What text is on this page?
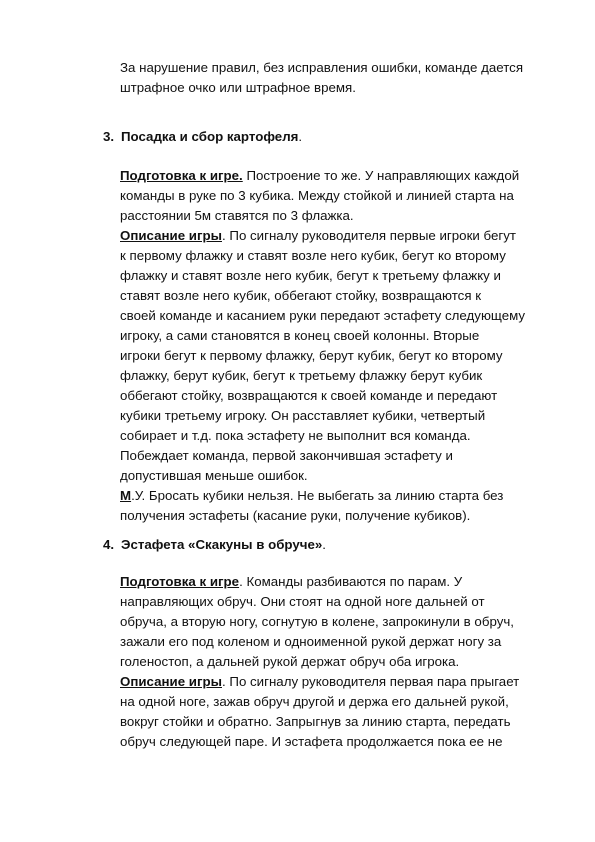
За нарушение правил, без исправления ошибки, команде дается
штрафное очко или штрафное время.
3. Посадка и сбор картофеля.
Подготовка к игре. Построение то же. У направляющих каждой
команды в руке по 3 кубика. Между стойкой и линией старта на
расстоянии 5м ставятся по 3 флажка.
Описание игры. По сигналу руководителя первые игроки бегут
к первому флажку и ставят возле него кубик, бегут ко второму
флажку и ставят возле него кубик, бегут к третьему флажку и
ставят возле него кубик, оббегают стойку, возвращаются к
своей команде и касанием руки передают эстафету следующему
игроку, а сами становятся в конец своей колонны. Вторые
игроки бегут к первому флажку, берут кубик, бегут ко второму
флажку, берут кубик, бегут к третьему флажку берут кубик
оббегают стойку, возвращаются к своей команде и передают
кубики третьему игроку. Он расставляет кубики, четвертый
собирает и т.д. пока эстафету не выполнит вся команда.
Побеждает команда, первой закончившая эстафету и
допустившая меньше ошибок.
М.У. Бросать кубики нельзя. Не выбегать за линию старта без
получения эстафеты (касание руки, получение кубиков).
4. Эстафета «Скакуны в обруче».
Подготовка к игре. Команды разбиваются по парам. У
направляющих обруч. Они стоят на одной ноге дальней от
обруча, а вторую ногу, согнутую в колене, запрокинули в обруч,
зажали его под коленом и одноименной рукой держат ногу за
голеностоп, а дальней рукой держат обруч оба игрока.
Описание игры. По сигналу руководителя первая пара прыгает
на одной ноге, зажав обруч другой и держа его дальней рукой,
вокруг стойки и обратно. Запрыгнув за линию старта, передать
обруч следующей паре. И эстафета продолжается пока ее не
